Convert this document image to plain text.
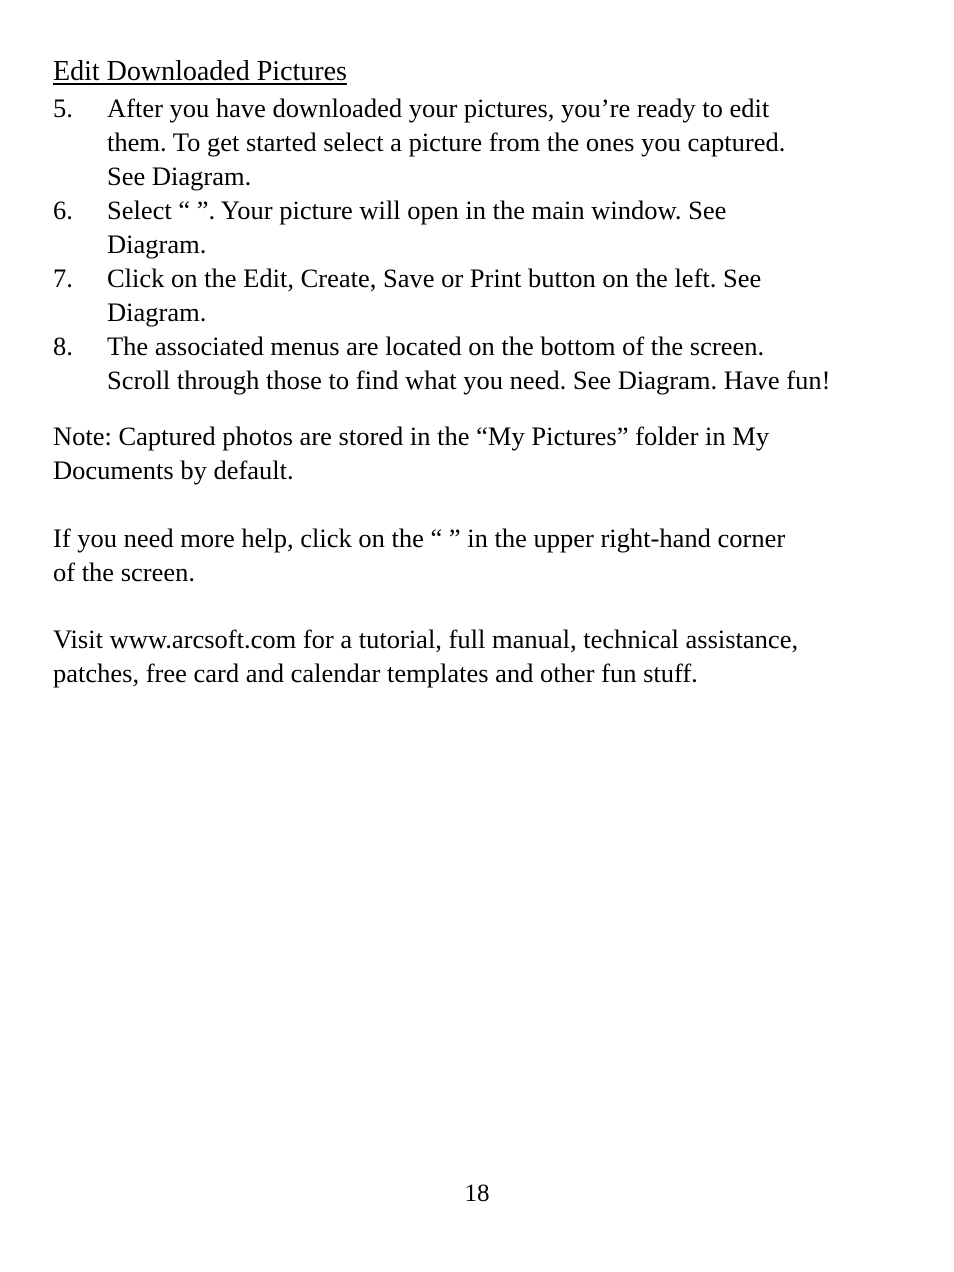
Edit Downloaded Pictures
5.	After you have downloaded your pictures, you’re ready to edit
them. To get started select a picture from the ones you captured.
See Diagram.
6.	Select “ ”. Your picture will open in the main window. See
Diagram.
7.	Click on the Edit, Create, Save or Print button on the left. See
Diagram.
8.	The associated menus are located on the bottom of the screen.
Scroll through those to find what you need. See Diagram. Have fun!

Note: Captured photos are stored in the “My Pictures” folder in My
Documents by default.

If you need more help, click on the “ ” in the upper right-hand corner
of the screen.

Visit www.arcsoft.com for a tutorial, full manual, technical assistance,
patches, free card and calendar templates and other fun stuff.

18
